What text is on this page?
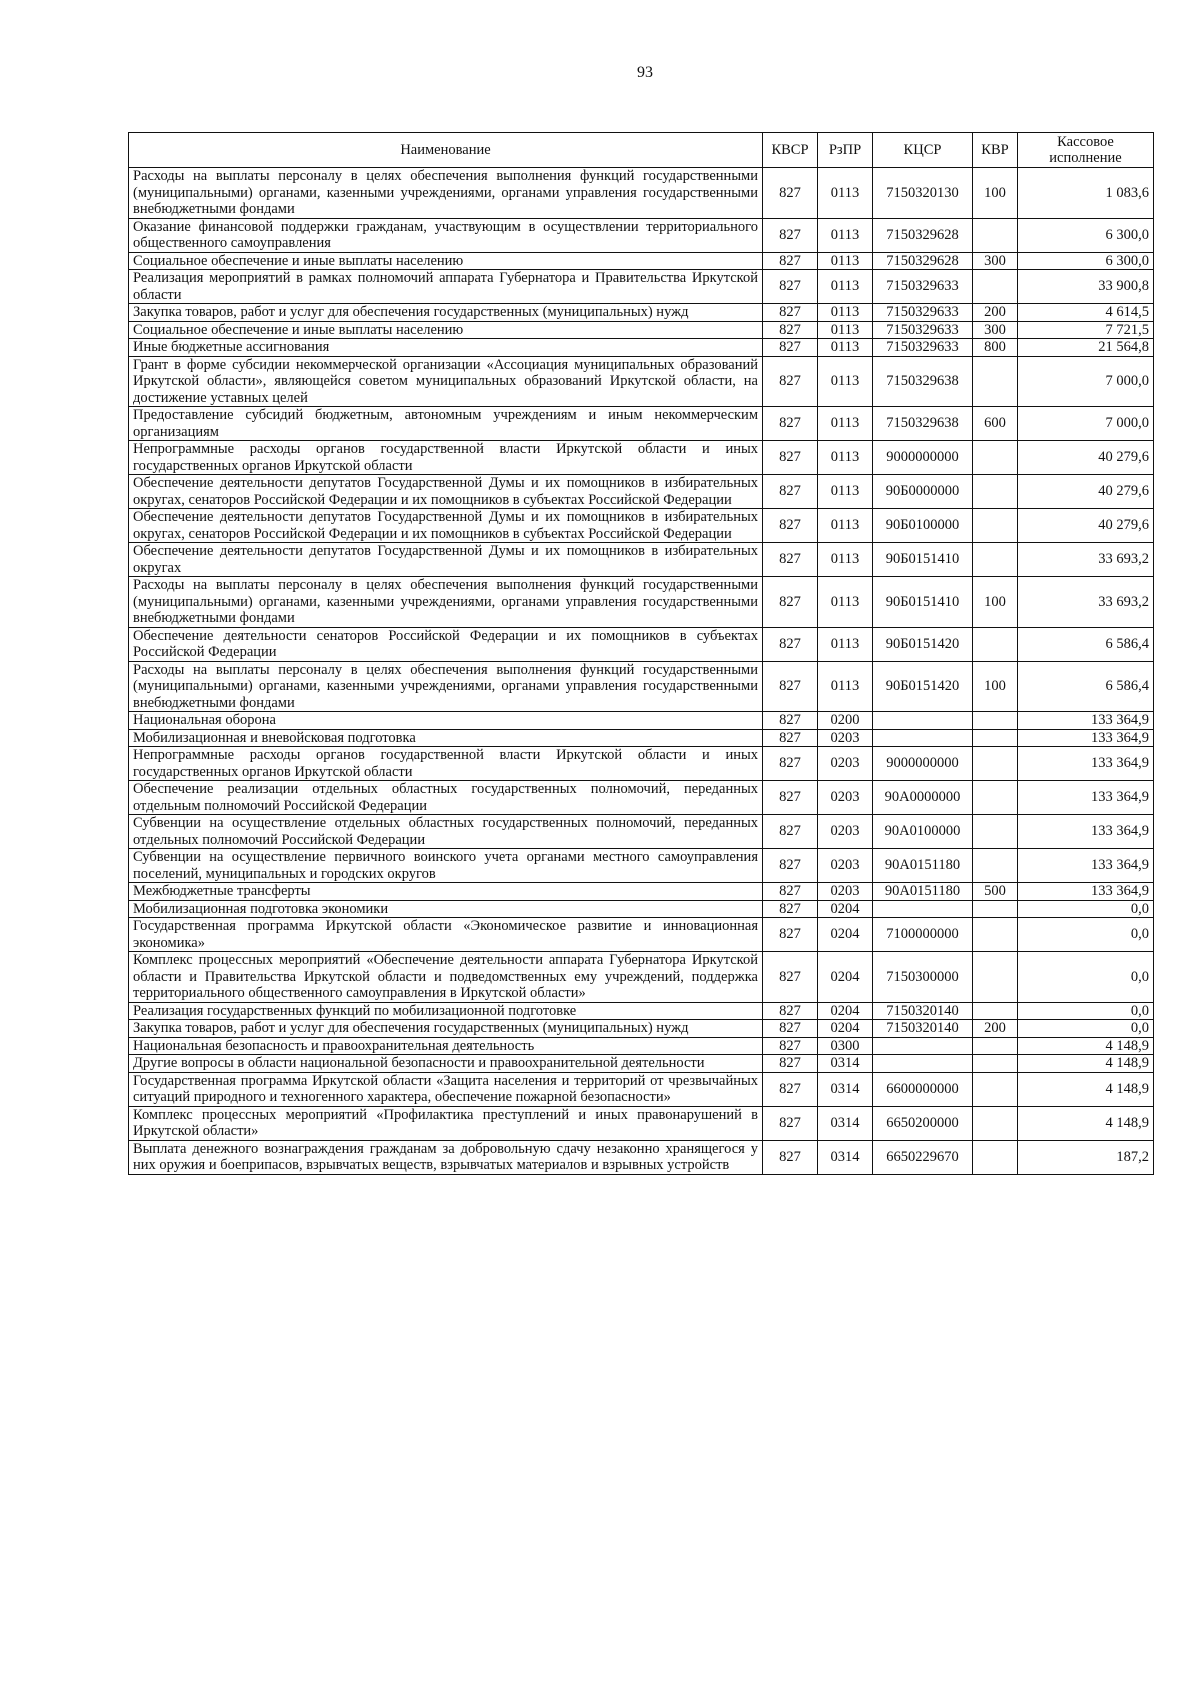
93
Наименование	КВСР	РзПР	КЦСР	КВР	Кассовое исполнение
Расходы на выплаты персоналу в целях обеспечения выполнения функций государственными (муниципальными) органами, казенными учреждениями, органами управления государственными внебюджетными фондами	827	0113	7150320130	100	1 083,6
Оказание финансовой поддержки гражданам, участвующим в осуществлении территориального общественного самоуправления	827	0113	7150329628		6 300,0
Социальное обеспечение и иные выплаты населению	827	0113	7150329628	300	6 300,0
Реализация мероприятий в рамках полномочий аппарата Губернатора и Правительства Иркутской области	827	0113	7150329633		33 900,8
Закупка товаров, работ и услуг для обеспечения государственных (муниципальных) нужд	827	0113	7150329633	200	4 614,5
Социальное обеспечение и иные выплаты населению	827	0113	7150329633	300	7 721,5
Иные бюджетные ассигнования	827	0113	7150329633	800	21 564,8
Грант в форме субсидии некоммерческой организации «Ассоциация муниципальных образований Иркутской области», являющейся советом муниципальных образований Иркутской области, на достижение уставных целей	827	0113	7150329638		7 000,0
Предоставление субсидий бюджетным, автономным учреждениям и иным некоммерческим организациям	827	0113	7150329638	600	7 000,0
Непрограммные расходы органов государственной власти Иркутской области и иных государственных органов Иркутской области	827	0113	9000000000		40 279,6
Обеспечение деятельности депутатов Государственной Думы и их помощников в избирательных округах, сенаторов Российской Федерации и их помощников в субъектах Российской Федерации	827	0113	90Б0000000		40 279,6
Обеспечение деятельности депутатов Государственной Думы и их помощников в избирательных округах, сенаторов Российской Федерации и их помощников в субъектах Российской Федерации	827	0113	90Б0100000		40 279,6
Обеспечение деятельности депутатов Государственной Думы и их помощников в избирательных округах	827	0113	90Б0151410		33 693,2
Расходы на выплаты персоналу в целях обеспечения выполнения функций государственными (муниципальными) органами, казенными учреждениями, органами управления государственными внебюджетными фондами	827	0113	90Б0151410	100	33 693,2
Обеспечение деятельности сенаторов Российской Федерации и их помощников в субъектах Российской Федерации	827	0113	90Б0151420		6 586,4
Расходы на выплаты персоналу в целях обеспечения выполнения функций государственными (муниципальными) органами, казенными учреждениями, органами управления государственными внебюджетными фондами	827	0113	90Б0151420	100	6 586,4
Национальная оборона	827	0200			133 364,9
Мобилизационная и вневойсковая подготовка	827	0203			133 364,9
Непрограммные расходы органов государственной власти Иркутской области и иных государственных органов Иркутской области	827	0203	9000000000		133 364,9
Обеспечение реализации отдельных областных государственных полномочий, переданных отдельным полномочий Российской Федерации	827	0203	90А0000000		133 364,9
Субвенции на осуществление отдельных областных государственных полномочий, переданных отдельных полномочий Российской Федерации	827	0203	90А0100000		133 364,9
Субвенции на осуществление первичного воинского учета органами местного самоуправления поселений, муниципальных и городских округов	827	0203	90А0151180		133 364,9
Межбюджетные трансферты	827	0203	90А0151180	500	133 364,9
Мобилизационная подготовка экономики	827	0204			0,0
Государственная программа Иркутской области «Экономическое развитие и инновационная экономика»	827	0204	7100000000		0,0
Комплекс процессных мероприятий «Обеспечение деятельности аппарата Губернатора Иркутской области и Правительства Иркутской области и подведомственных ему учреждений, поддержка территориального общественного самоуправления в Иркутской области»	827	0204	7150300000		0,0
Реализация государственных функций по мобилизационной подготовке	827	0204	7150320140		0,0
Закупка товаров, работ и услуг для обеспечения государственных (муниципальных) нужд	827	0204	7150320140	200	0,0
Национальная безопасность и правоохранительная деятельность	827	0300			4 148,9
Другие вопросы в области национальной безопасности и правоохранительной деятельности	827	0314			4 148,9
Государственная программа Иркутской области «Защита населения и территорий от чрезвычайных ситуаций природного и техногенного характера, обеспечение пожарной безопасности»	827	0314	6600000000		4 148,9
Комплекс процессных мероприятий «Профилактика преступлений и иных правонарушений в Иркутской области»	827	0314	6650200000		4 148,9
Выплата денежного вознаграждения гражданам за добровольную сдачу незаконно хранящегося у них оружия и боеприпасов, взрывчатых веществ, взрывчатых материалов и взрывных устройств	827	0314	6650229670		187,2
